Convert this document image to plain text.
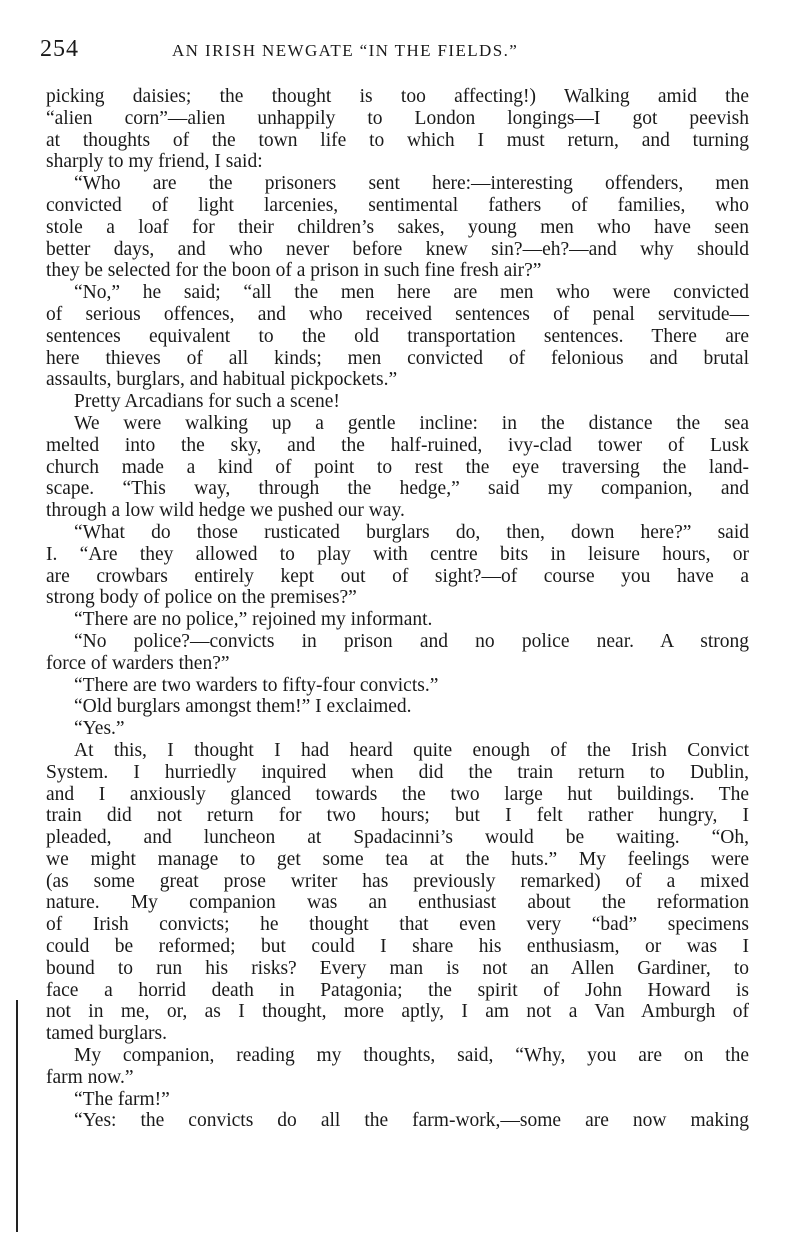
254	AN IRISH NEWGATE “IN THE FIELDS.”
picking daisies; the thought is too affecting!) Walking amid the
“alien corn”—alien unhappily to London longings—I got peevish
at thoughts of the town life to which I must return, and turning
sharply to my friend, I said:
“Who are the prisoners sent here:—interesting offenders, men
convicted of light larcenies, sentimental fathers of families, who
stole a loaf for their children’s sakes, young men who have seen
better days, and who never before knew sin?—eh?—and why should
they be selected for the boon of a prison in such fine fresh air?”
“No,” he said; “all the men here are men who were convicted
of serious offences, and who received sentences of penal servitude—
sentences equivalent to the old transportation sentences. There are
here thieves of all kinds; men convicted of felonious and brutal
assaults, burglars, and habitual pickpockets.”
Pretty Arcadians for such a scene!
We were walking up a gentle incline: in the distance the sea
melted into the sky, and the half-ruined, ivy-clad tower of Lusk
church made a kind of point to rest the eye traversing the land-
scape. “This way, through the hedge,” said my companion, and
through a low wild hedge we pushed our way.
“What do those rusticated burglars do, then, down here?” said
I. “Are they allowed to play with centre bits in leisure hours, or
are crowbars entirely kept out of sight?—of course you have a
strong body of police on the premises?”
“There are no police,” rejoined my informant.
“No police?—convicts in prison and no police near. A strong
force of warders then?”
“There are two warders to fifty-four convicts.”
“Old burglars amongst them!” I exclaimed.
“Yes.”
At this, I thought I had heard quite enough of the Irish Convict
System. I hurriedly inquired when did the train return to Dublin,
and I anxiously glanced towards the two large hut buildings. The
train did not return for two hours; but I felt rather hungry, I
pleaded, and luncheon at Spadacinni’s would be waiting. “Oh,
we might manage to get some tea at the huts.” My feelings were
(as some great prose writer has previously remarked) of a mixed
nature. My companion was an enthusiast about the reformation
of Irish convicts; he thought that even very “bad” specimens
could be reformed; but could I share his enthusiasm, or was I
bound to run his risks? Every man is not an Allen Gardiner, to
face a horrid death in Patagonia; the spirit of John Howard is
not in me, or, as I thought, more aptly, I am not a Van Amburgh of
tamed burglars.
My companion, reading my thoughts, said, “Why, you are on the
farm now.”
“The farm!”
“Yes: the convicts do all the farm-work,—some are now making
